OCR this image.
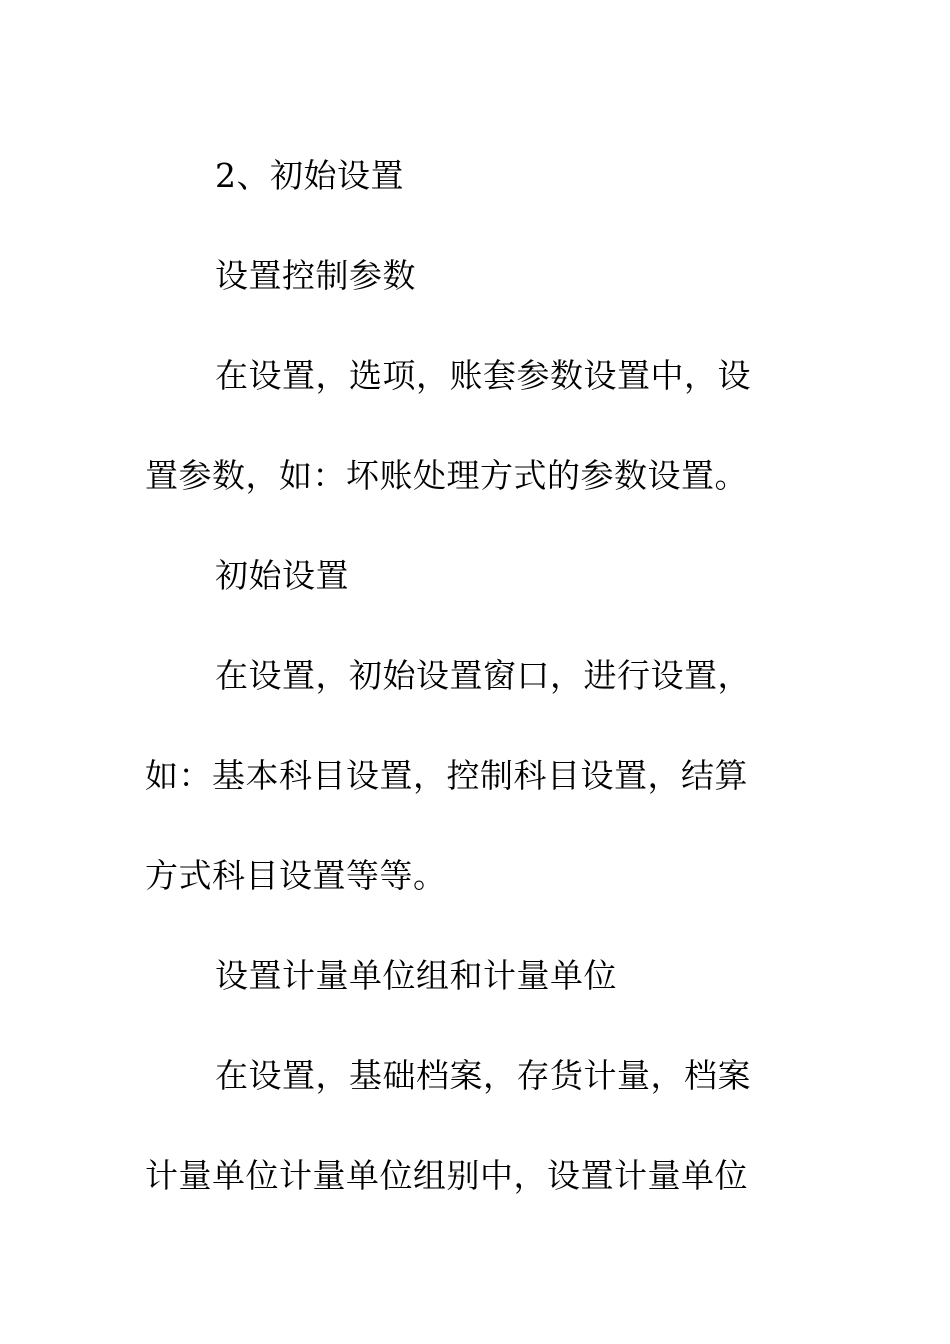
2、初始设置
设置控制参数
在设置，选项，账套参数设置中，设
置参数，如：坏账处理方式的参数设置。
初始设置
在设置，初始设置窗口，进行设置，
如：基本科目设置，控制科目设置，结算
方式科目设置等等。
设置计量单位组和计量单位
在设置，基础档案，存货计量，档案
计量单位计量单位组别中，设置计量单位
